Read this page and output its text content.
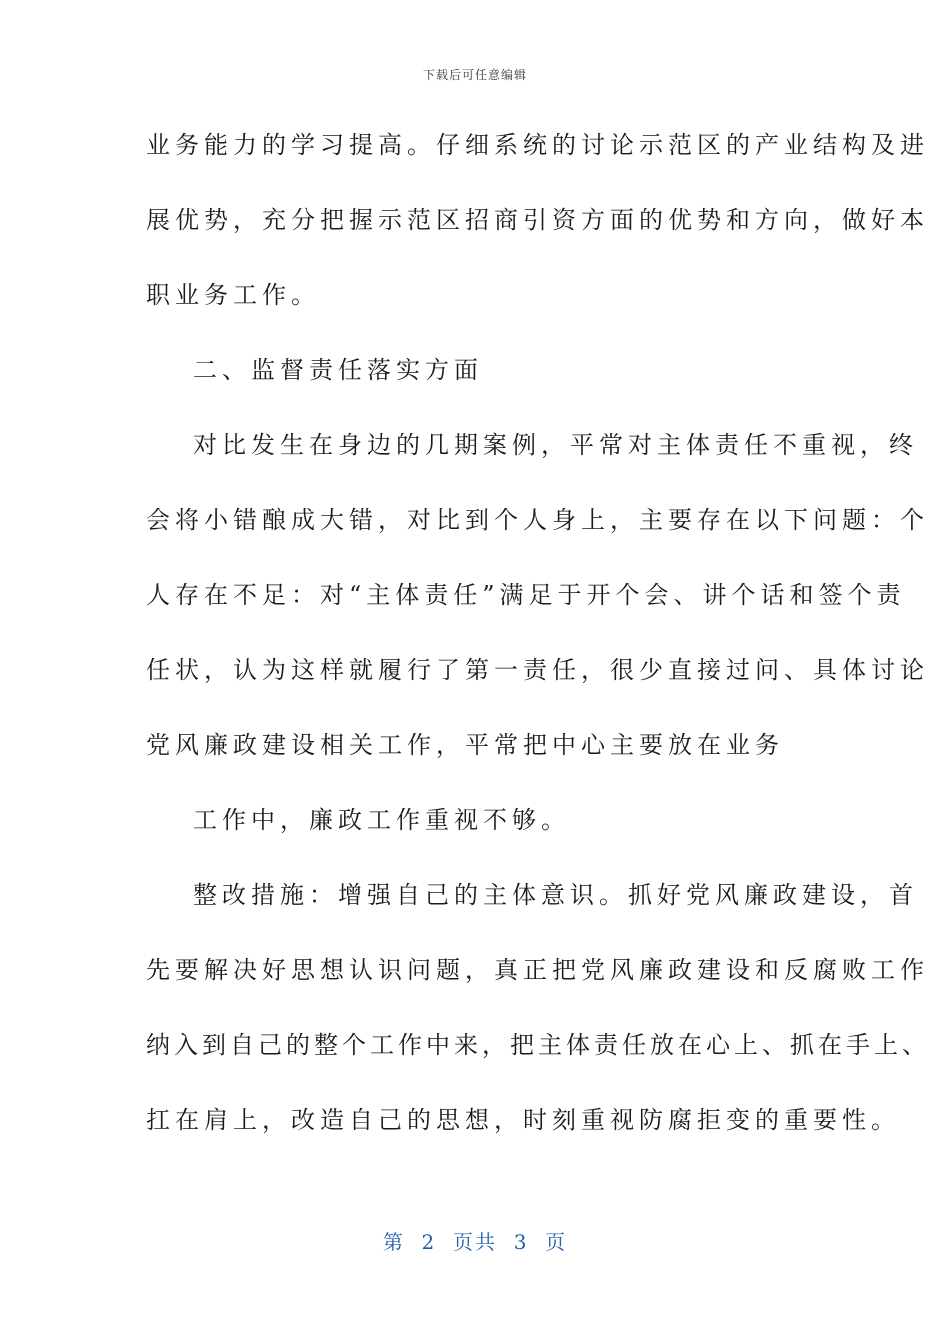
下载后可任意编辑
业务能力的学习提高。仔细系统的讨论示范区的产业结构及进
展优势，充分把握示范区招商引资方面的优势和方向，做好本
职业务工作。
二、监督责任落实方面
对比发生在身边的几期案例，平常对主体责任不重视，终
会将小错酿成大错，对比到个人身上，主要存在以下问题：个
人存在不足：对“主体责任”满足于开个会、讲个话和签个责
任状，认为这样就履行了第一责任，很少直接过问、具体讨论
党风廉政建设相关工作，平常把中心主要放在业务
工作中，廉政工作重视不够。
整改措施：增强自己的主体意识。抓好党风廉政建设，首
先要解决好思想认识问题，真正把党风廉政建设和反腐败工作
纳入到自己的整个工作中来，把主体责任放在心上、抓在手上、
扛在肩上，改造自己的思想，时刻重视防腐拒变的重要性。
第  2  页共  3  页
